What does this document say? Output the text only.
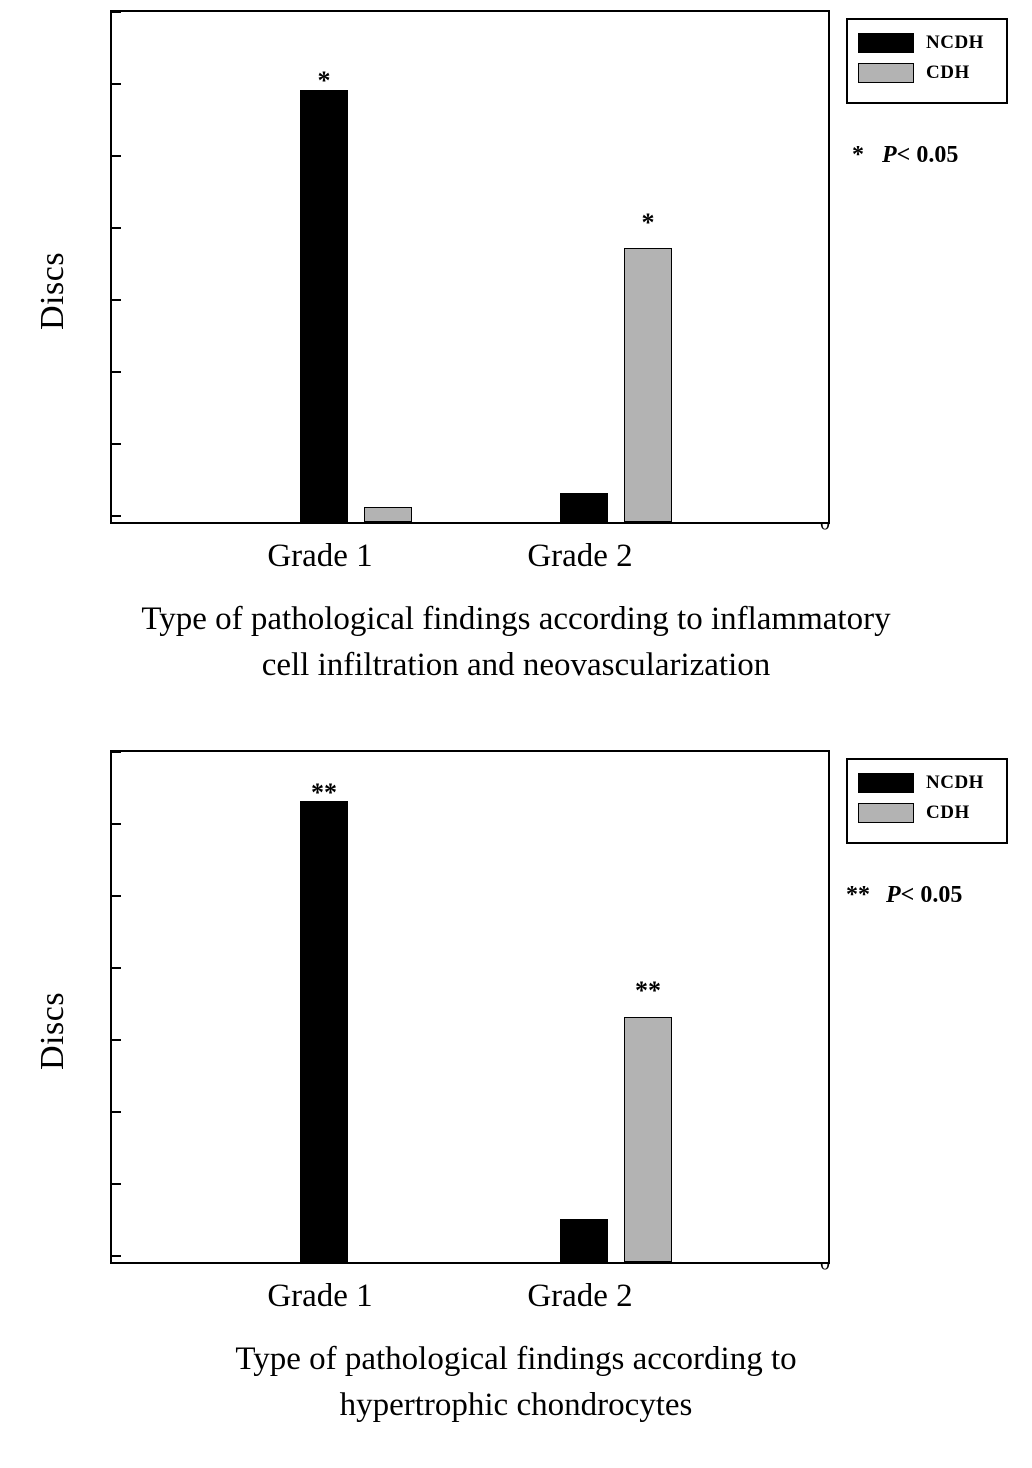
Discs
*
*
Grade 1	Grade 2
NCDH
CDH
* P< 0.05
Type of pathological findings according to inflammatory
cell infiltration and neovascularization
Discs
**
**
Grade 1	Grade 2
NCDH
CDH
** P< 0.05
Type of pathological findings according to
hypertrophic chondrocytes
